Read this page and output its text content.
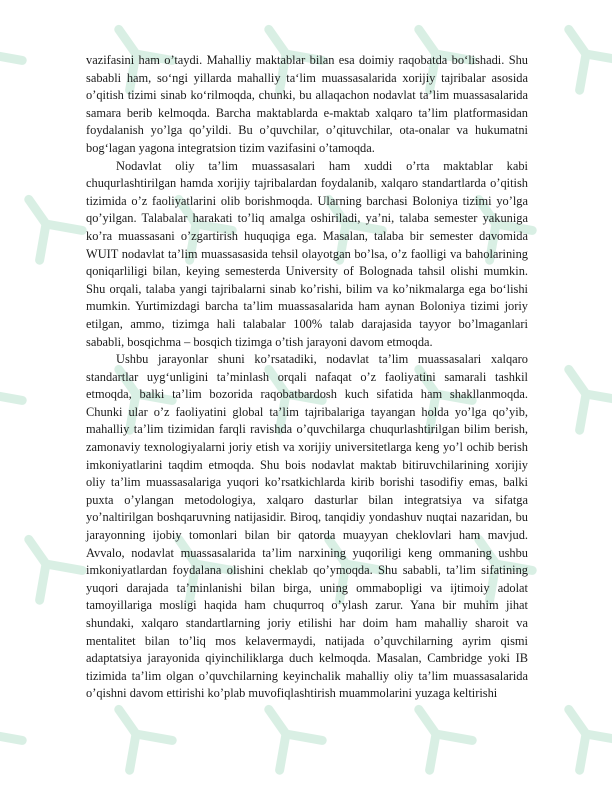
vazifasini ham o’taydi. Mahalliy maktablar bilan esa doimiy raqobatda bo‘lishadi. Shu sababli ham, so‘ngi yillarda mahalliy ta‘lim muassasalarida xorijiy tajribalar asosida o’qitish tizimi sinab ko‘rilmoqda, chunki, bu allaqachon nodavlat ta’lim muassasalarida samara berib kelmoqda. Barcha maktablarda e-maktab xalqaro ta’lim platformasidan foydalanish yo’lga qo’yildi. Bu o’quvchilar, o’qituvchilar, ota-onalar va hukumatni bog‘lagan yagona integratsion tizim vazifasini o’tamoqda.

Nodavlat oliy ta’lim muassasalari ham xuddi o’rta maktablar kabi chuqurlashtirilgan hamda xorijiy tajribalardan foydalanib, xalqaro standartlarda o’qitish tizimida o’z faoliyatlarini olib borishmoqda. Ularning barchasi Boloniya tizimi yo’lga qo’yilgan. Talabalar harakati to’liq amalga oshiriladi, ya’ni, talaba semester yakuniga ko’ra muassasani o’zgartirish huquqiga ega. Masalan, talaba bir semester davomida WUIT nodavlat ta’lim muassasasida tehsil olayotgan bo’lsa, o’z faolligi va baholarining qoniqarliligi bilan, keying semesterda University of Bolognada tahsil olishi mumkin. Shu orqali, talaba yangi tajribalarni sinab ko’rishi, bilim va ko’nikmalarga ega bo‘lishi mumkin. Yurtimizdagi barcha ta’lim muassasalarida ham aynan Boloniya tizimi joriy etilgan, ammo, tizimga hali talabalar 100% talab darajasida tayyor bo’lmaganlari sababli, bosqichma – bosqich tizimga o’tish jarayoni davom etmoqda.

Ushbu jarayonlar shuni ko’rsatadiki, nodavlat ta’lim muassasalari xalqaro standartlar uyg‘unligini ta’minlash orqali nafaqat o’z faoliyatini samarali tashkil etmoqda, balki ta’lim bozorida raqobatbardosh kuch sifatida ham shakllanmoqda. Chunki ular o’z faoliyatini global ta’lim tajribalariga tayangan holda yo’lga qo’yib, mahalliy ta’lim tizimidan farqli ravishda o’quvchilarga chuqurlashtirilgan bilim berish, zamonaviy texnologiyalarni joriy etish va xorijiy universitetlarga keng yo’l ochib berish imkoniyatlarini taqdim etmoqda. Shu bois nodavlat maktab bitiruvchilarining xorijiy oliy ta’lim muassasalariga yuqori ko’rsatkichlarda kirib borishi tasodifiy emas, balki puxta o’ylangan metodologiya, xalqaro dasturlar bilan integratsiya va sifatga yo’naltirilgan boshqaruvning natijasidir. Biroq, tanqidiy yondashuv nuqtai nazaridan, bu jarayonning ijobiy tomonlari bilan bir qatorda muayyan cheklovlari ham mavjud. Avvalo, nodavlat muassasalarida ta’lim narxining yuqoriligi keng ommaning ushbu imkoniyatlardan foydalana olishini cheklab qo’ymoqda. Shu sababli, ta’lim sifatining yuqori darajada ta’minlanishi bilan birga, uning ommabopligi va ijtimoiy adolat tamoyillariga mosligi haqida ham chuqurroq o’ylash zarur. Yana bir muhim jihat shundaki, xalqaro standartlarning joriy etilishi har doim ham mahalliy sharoit va mentalitet bilan to’liq mos kelavermaydi, natijada o’quvchilarning ayrim qismi adaptatsiya jarayonida qiyinchiliklarga duch kelmoqda. Masalan, Cambridge yoki IB tizimida ta’lim olgan o’quvchilarning keyinchalik mahalliy oliy ta’lim muassasalarida o’qishni davom ettirishi ko’plab muvofiqlashtirish muammolarini yuzaga keltirishi
